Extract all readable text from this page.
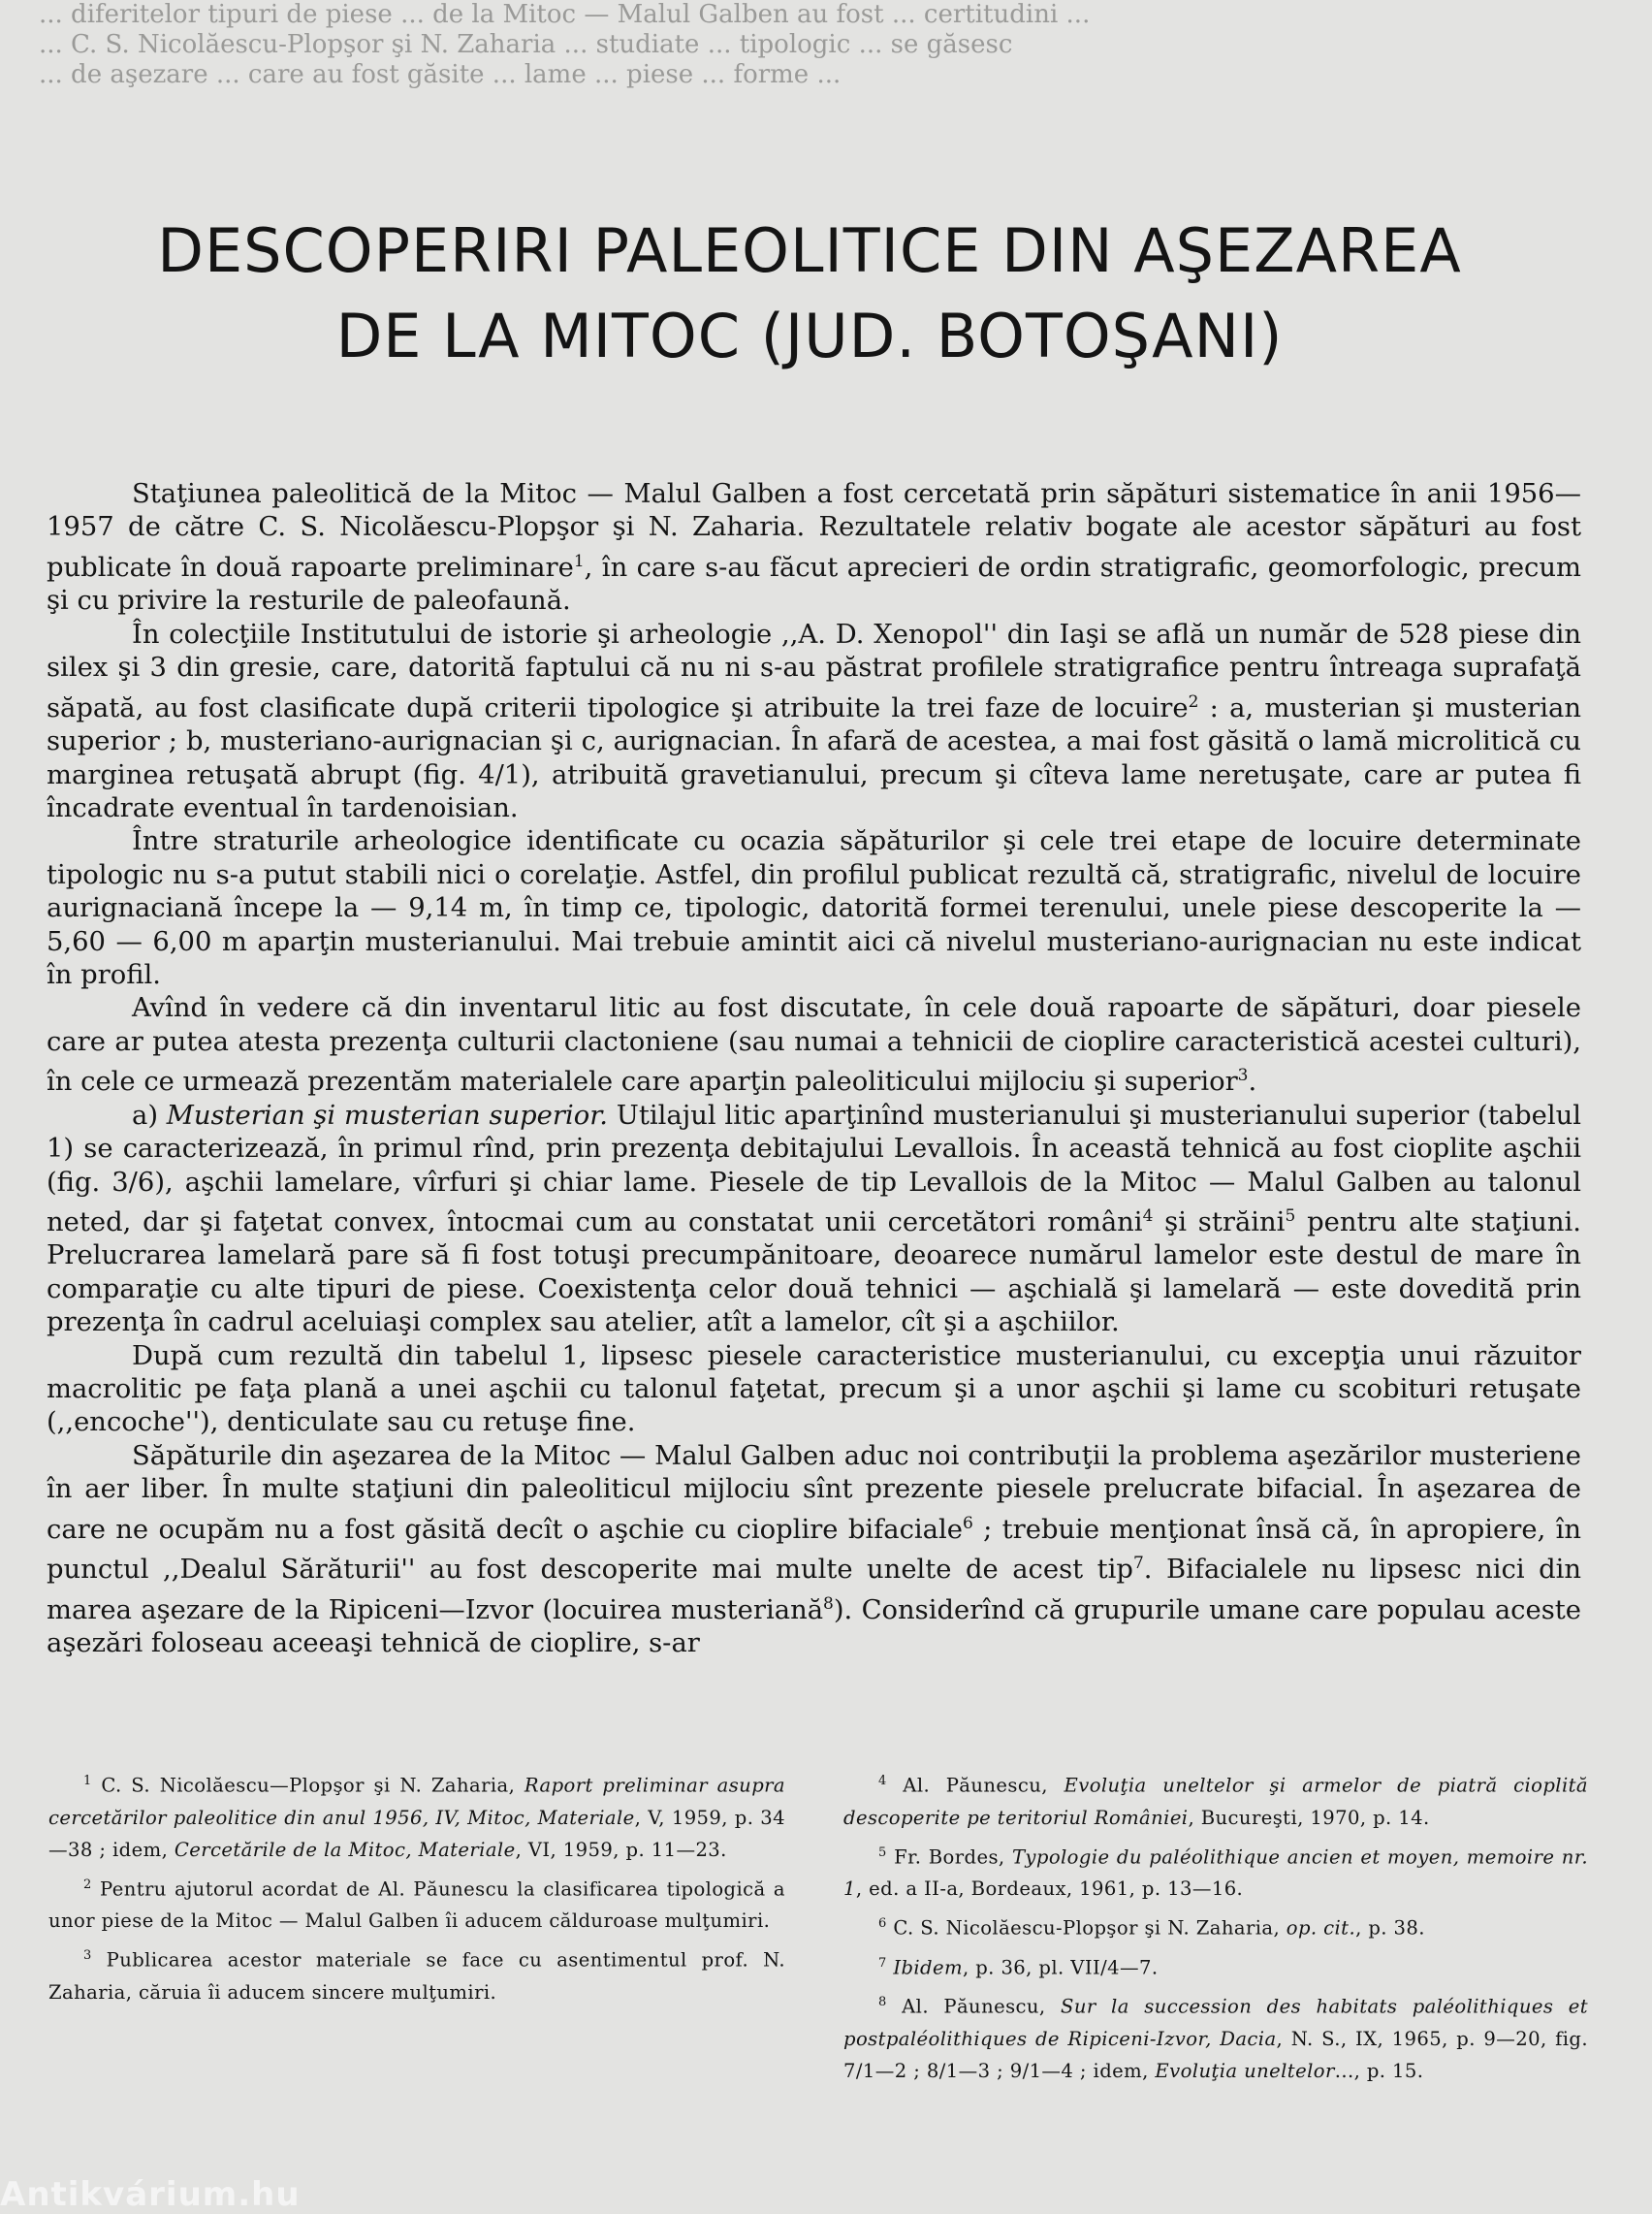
... diferitelor tipuri de piese ... de la Mitoc — Malul Galben au fost ... certitudini ...

... C. S. Nicolăescu-Plopşor şi N. Zaharia ... studiate ... tipologic ... se găsesc

... de aşezare ... care au fost găsite ... lame ... piese ... forme ...

DESCOPERIRI PALEOLITICE DIN AŞEZAREA
DE LA MITOC (JUD. BOTOŞANI)

Staţiunea paleolitică de la Mitoc — Malul Galben a fost cercetată prin săpături sistematice în anii 1956—1957 de către C. S. Nicolăescu-Plopşor şi N. Zaharia. Rezultatele relativ bogate ale acestor săpături au fost publicate în două rapoarte preliminare$^1$, în care s-au făcut aprecieri de ordin stratigrafic, geomorfologic, precum şi cu privire la resturile de paleofaună.

În colecţiile Institutului de istorie şi arheologie ,,A. D. Xenopol'' din Iaşi se află un număr de 528 piese din silex şi 3 din gresie, care, datorită faptului că nu ni s-au păstrat profilele stratigrafice pentru întreaga suprafaţă săpată, au fost clasificate după criterii tipologice şi atribuite la trei faze de locuire$^2$ : a, musterian şi musterian superior ; b, musteriano-aurignacian şi c, aurignacian. În afară de acestea, a mai fost găsită o lamă microlitică cu marginea retuşată abrupt (fig. 4/1), atribuită gravetianului, precum şi cîteva lame neretuşate, care ar putea fi încadrate eventual în tardenoisian.

Între straturile arheologice identificate cu ocazia săpăturilor şi cele trei etape de locuire determinate tipologic nu s-a putut stabili nici o corelaţie. Astfel, din profilul publicat rezultă că, stratigrafic, nivelul de locuire aurignaciană începe la — 9,14 m, în timp ce, tipologic, datorită formei terenului, unele piese descoperite la —5,60 — 6,00 m aparţin musterianului. Mai trebuie amintit aici că nivelul musteriano-aurignacian nu este indicat în profil.

Avînd în vedere că din inventarul litic au fost discutate, în cele două rapoarte de săpături, doar piesele care ar putea atesta prezenţa culturii clactoniene (sau numai a tehnicii de cioplire caracteristică acestei culturi), în cele ce urmează prezentăm materialele care aparţin paleoliticului mijlociu şi superior$^3$.

a) Musterian şi musterian superior. Utilajul litic aparţinînd musterianului şi musterianului superior (tabelul 1) se caracterizează, în primul rînd, prin prezenţa debitajului Levallois. În această tehnică au fost cioplite aşchii (fig. 3/6), aşchii lamelare, vîrfuri şi chiar lame. Piesele de tip Levallois de la Mitoc — Malul Galben au talonul neted, dar şi faţetat convex, întocmai cum au constatat unii cercetători români$^4$ şi străini$^5$ pentru alte staţiuni. Prelucrarea lamelară pare să fi fost totuşi precumpănitoare, deoarece numărul lamelor este destul de mare în comparaţie cu alte tipuri de piese. Coexistenţa celor două tehnici — aşchială şi lamelară — este dovedită prin prezenţa în cadrul aceluiaşi complex sau atelier, atît a lamelor, cît şi a aşchiilor.

După cum rezultă din tabelul 1, lipsesc piesele caracteristice musterianului, cu excepţia unui răzuitor macrolitic pe faţa plană a unei aşchii cu talonul faţetat, precum şi a unor aşchii şi lame cu scobituri retuşate (,,encoche''), denticulate sau cu retuşe fine.

Săpăturile din aşezarea de la Mitoc — Malul Galben aduc noi contribuţii la problema aşezărilor musteriene în aer liber. În multe staţiuni din paleoliticul mijlociu sînt prezente piesele prelucrate bifacial. În aşezarea de care ne ocupăm nu a fost găsită decît o aşchie cu cioplire bifaciale$^6$ ; trebuie menţionat însă că, în apropiere, în punctul ,,Dealul Sărăturii'' au fost descoperite mai multe unelte de acest tip$^7$. Bifacialele nu lipsesc nici din marea aşezare de la Ripiceni—Izvor (locuirea musteriană$^8$). Considerînd că grupurile umane care populau aceste aşezări foloseau aceeaşi tehnică de cioplire, s-ar

$^1$ C. S. Nicolăescu—Plopşor şi N. Zaharia, Raport preliminar asupra cercetărilor paleolitice din anul 1956, IV, Mitoc, Materiale, V, 1959, p. 34—38 ; idem, Cercetările de la Mitoc, Materiale, VI, 1959, p. 11—23.

$^2$ Pentru ajutorul acordat de Al. Păunescu la clasificarea tipologică a unor piese de la Mitoc — Malul Galben îi aducem călduroase mulţumiri.

$^3$ Publicarea acestor materiale se face cu asentimentul prof. N. Zaharia, căruia îi aducem sincere mulţumiri.

$^4$ Al. Păunescu, Evoluţia uneltelor şi armelor de piatră cioplită descoperite pe teritoriul României, Bucureşti, 1970, p. 14.

$^5$ Fr. Bordes, Typologie du paléolithique ancien et moyen, memoire nr. 1, ed. a II-a, Bordeaux, 1961, p. 13—16.

$^6$ C. S. Nicolăescu-Plopşor şi N. Zaharia, op. cit., p. 38.

$^7$ Ibidem, p. 36, pl. VII/4—7.

$^8$ Al. Păunescu, Sur la succession des habitats paléolithiques et postpaléolithiques de Ripiceni-Izvor, Dacia, N. S., IX, 1965, p. 9—20, fig. 7/1—2 ; 8/1—3 ; 9/1—4 ; idem, Evoluţia uneltelor..., p. 15.

Antikvárium.hu
